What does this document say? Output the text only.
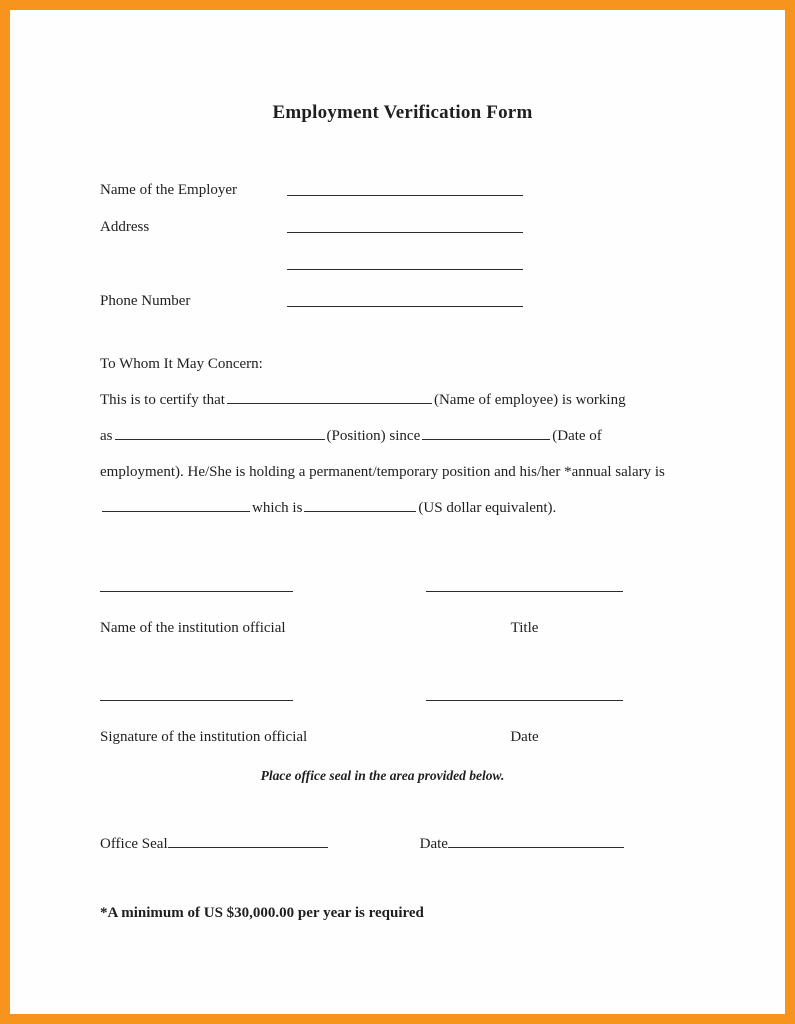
Employment Verification Form
Name of the Employer
Address
Phone Number
To Whom It May Concern:
This is to certify that	(Name of employee) is working
as	(Position) since	(Date of
employment). He/She is holding a permanent/temporary position and his/her *annual salary is
which is	(US dollar equivalent).
Name of the institution official	Title
Signature of the institution official	Date
Place office seal in the area provided below.
Office Seal	Date
*A minimum of US $30,000.00 per year is required
